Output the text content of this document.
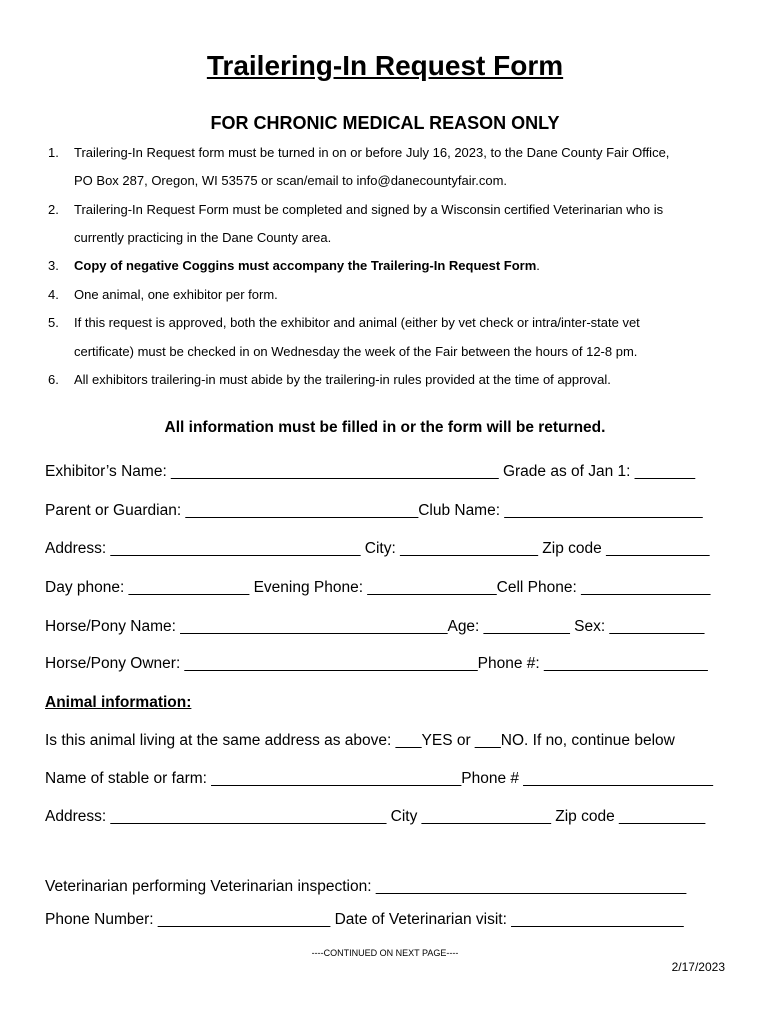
Trailering-In Request Form
FOR CHRONIC MEDICAL REASON ONLY
1. Trailering-In Request form must be turned in on or before July 16, 2023, to the Dane County Fair Office,
PO Box 287, Oregon, WI 53575 or scan/email to info@danecountyfair.com.
2. Trailering-In Request Form must be completed and signed by a Wisconsin certified Veterinarian who is
currently practicing in the Dane County area.
3. Copy of negative Coggins must accompany the Trailering-In Request Form.
4. One animal, one exhibitor per form.
5. If this request is approved, both the exhibitor and animal (either by vet check or intra/inter-state vet
certificate) must be checked in on Wednesday the week of the Fair between the hours of 12-8 pm.
6. All exhibitors trailering-in must abide by the trailering-in rules provided at the time of approval.
All information must be filled in or the form will be returned.
Exhibitor’s Name: ______________________________________ Grade as of Jan 1: _______
Parent or Guardian: ___________________________Club Name: _______________________
Address: _____________________________ City: ________________ Zip code ____________
Day phone: ______________ Evening Phone: _______________Cell Phone: _______________
Horse/Pony Name: _______________________________Age: __________ Sex: ___________
Horse/Pony Owner: __________________________________Phone #: ___________________
Animal information:
Is this animal living at the same address as above: ___YES or ___NO. If no, continue below
Name of stable or farm: _____________________________Phone # ______________________
Address: ________________________________ City _______________ Zip code __________
Veterinarian performing Veterinarian inspection: ____________________________________
Phone Number: ____________________ Date of Veterinarian visit: ____________________
----CONTINUED ON NEXT PAGE----
2/17/2023
